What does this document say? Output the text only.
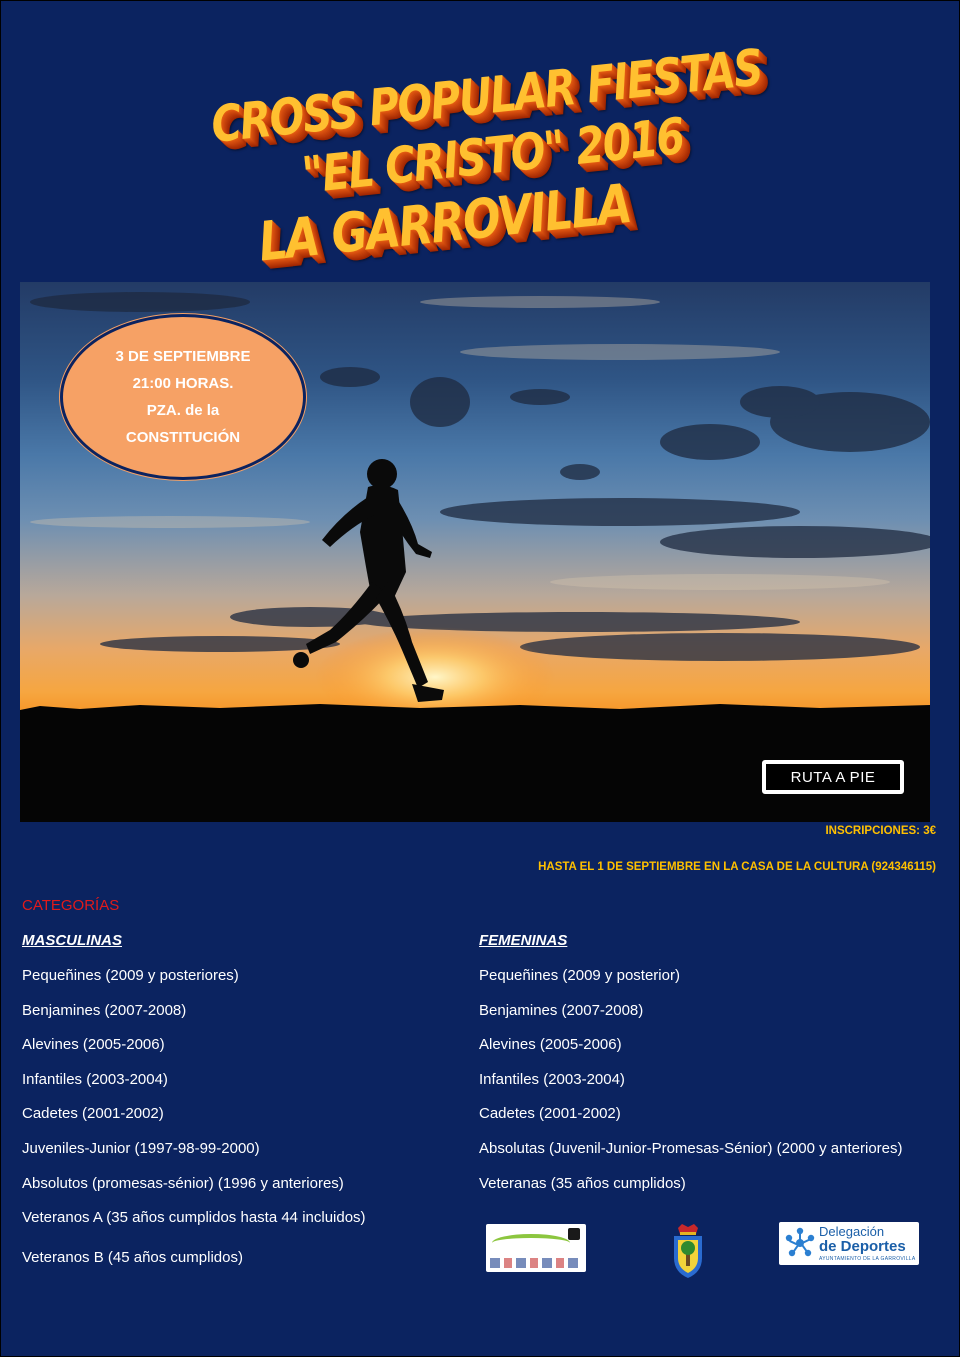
CROSS POPULAR FIESTAS "EL CRISTO" 2016
LA GARROVILLA
3 DE SEPTIEMBRE
21:00 HORAS.
PZA. de la
CONSTITUCIÓN
RUTA A PIE
INSCRIPCIONES: 3€
HASTA EL 1 DE SEPTIEMBRE EN LA CASA DE LA CULTURA (924346115)
CATEGORÍAS
MASCULINAS
Pequeñines (2009 y posteriores)
Benjamines (2007-2008)
Alevines (2005-2006)
Infantiles (2003-2004)
Cadetes (2001-2002)
Juveniles-Junior (1997-98-99-2000)
Absolutos (promesas-sénior) (1996 y anteriores)
Veteranos A (35 años cumplidos hasta 44 incluidos)
Veteranos B (45 años cumplidos)
FEMENINAS
Pequeñines (2009 y posterior)
Benjamines (2007-2008)
Alevines (2005-2006)
Infantiles (2003-2004)
Cadetes (2001-2002)
Absolutas (Juvenil-Junior-Promesas-Sénior) (2000 y anteriores)
Veteranas (35 años cumplidos)
Delegación
de Deportes
AYUNTAMIENTO DE LA GARROVILLA
